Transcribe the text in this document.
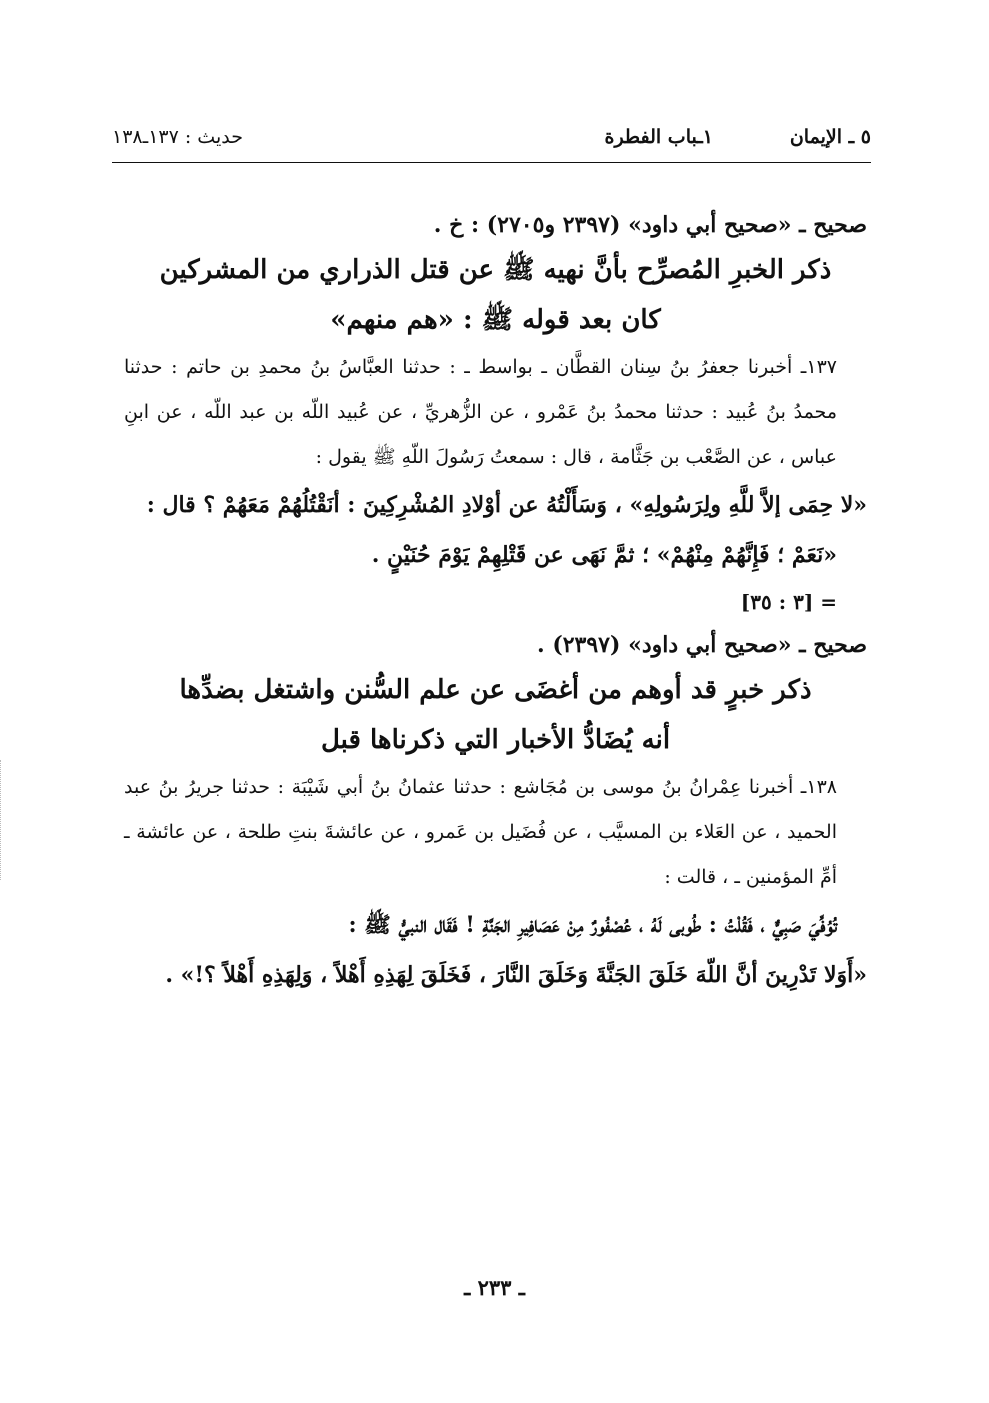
٥ ـ الإيمان
١ـباب الفطرة
حديث : ١٣٧ـ١٣٨

صحيح ـ «صحيح أبي داود» (٢٣٩٧ و٢٧٠٥) : خ .

ذكر الخبرِ المُصرِّح بأنَّ نهيه ﷺ عن قتل الذراري من المشركين

كان بعد قوله ﷺ : «هم منهم»

١٣٧ـ أخبرنا جعفرُ بنُ سِنان القطَّان ـ بواسط ـ : حدثنا العبَّاسُ بنُ محمدِ بن حاتم : حدثنا محمدُ بنُ عُبيد : حدثنا محمدُ بنُ عَمْرو ، عن الزُّهريِّ ، عن عُبيد اللّه بن عبد اللّه ، عن ابنِ عباس ، عن الصَّعْب بن جَثَّامة ، قال : سمعتُ رَسُولَ اللّهِ ﷺ يقول :

«لا حِمَى إلاَّ للَّهِ ولِرَسُولِهِ» ، وَسَأَلْتُهُ عن أوْلادِ المُشْرِكِينَ : أنَقْتُلُهُمْ مَعَهُمْ ؟ قال :

«نَعَمْ ؛ فَإِنَّهُمْ مِنْهُمْ» ؛ ثمَّ نَهَى عن قَتْلِهِمْ يَوْمَ حُنَيْنٍ .

= [٣ : ٣٥]

صحيح ـ «صحيح أبي داود» (٢٣٩٧) .

ذكر خبرٍ قد أوهم من أغضَى عن علم السُّنن واشتغل بضدِّها

أنه يُضَادُّ الأخبار التي ذكرناها قبل

١٣٨ـ أخبرنا عِمْرانُ بنُ موسى بن مُجَاشع : حدثنا عثمانُ بنُ أبي شَيْبَة : حدثنا جريرُ بنُ عبد الحميد ، عن العَلاء بن المسيَّب ، عن فُضَيل بن عَمرو ، عن عائشةَ بنتِ طلحة ، عن عائشة ـ أمِّ المؤمنين ـ ، قالت :

تُوُفِّيَ صَبِيٌّ ، فَقُلْتُ : طُوبى لَهُ ، عُصْفُورٌ مِنْ عَصَافِيرِ الجَنَّةِ ! فَقَال النبيُّ ﷺ :

«أَوَلا تَدْرِينَ أنَّ اللّهَ خَلَقَ الجَنَّةَ وَخَلَقَ النَّارَ ، فَخَلَقَ لِهَذِهِ أَهْلاً ، وَلِهَذِهِ أَهْلاً ؟!» .

ـ ٢٣٣ ـ
